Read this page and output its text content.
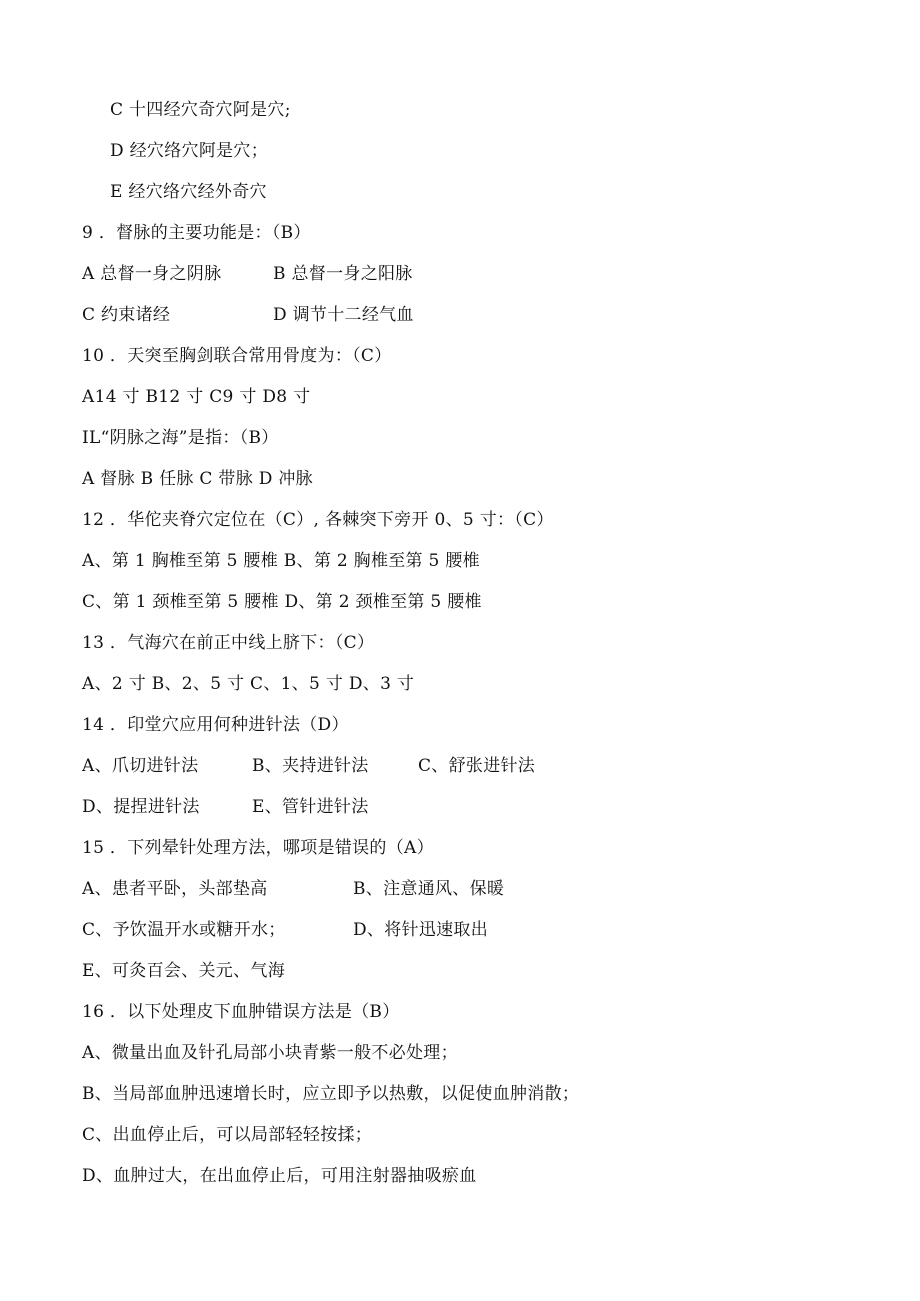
C 十四经穴奇穴阿是穴;
D 经穴络穴阿是穴；
E 经穴络穴经外奇穴
9 ．督脉的主要功能是：（B）
A 总督一身之阴脉	B 总督一身之阳脉
C 约束诸经	D 调节十二经气血
10 ．天突至胸剑联合常用骨度为：（C）
A14 寸 B12 寸 C9 寸 D8 寸
IL“阴脉之海”是指：（B）
A 督脉 B 任脉 C 带脉 D 冲脉
12 ．华佗夹脊穴定位在（C）, 各棘突下旁开 0、5 寸：（C）
A、第 1 胸椎至第 5 腰椎 B、第 2 胸椎至第 5 腰椎
C、第 1 颈椎至第 5 腰椎 D、第 2 颈椎至第 5 腰椎
13 ．气海穴在前正中线上脐下：（C）
A、2 寸 B、2、5 寸 C、1、5 寸 D、3 寸
14 ．印堂穴应用何种进针法（D）
A、爪切进针法	B、夹持进针法	C、舒张进针法
D、提捏进针法	E、管针进针法
15 ．下列晕针处理方法，哪项是错误的（A）
A、患者平卧，头部垫高	B、注意通风、保暖
C、予饮温开水或糖开水；	D、将针迅速取出
E、可灸百会、关元、气海
16 ．以下处理皮下血肿错误方法是（B）
A、微量出血及针孔局部小块青紫一般不必处理；
B、当局部血肿迅速增长时，应立即予以热敷，以促使血肿消散；
C、出血停止后，可以局部轻轻按揉；
D、血肿过大，在出血停止后，可用注射器抽吸瘀血
